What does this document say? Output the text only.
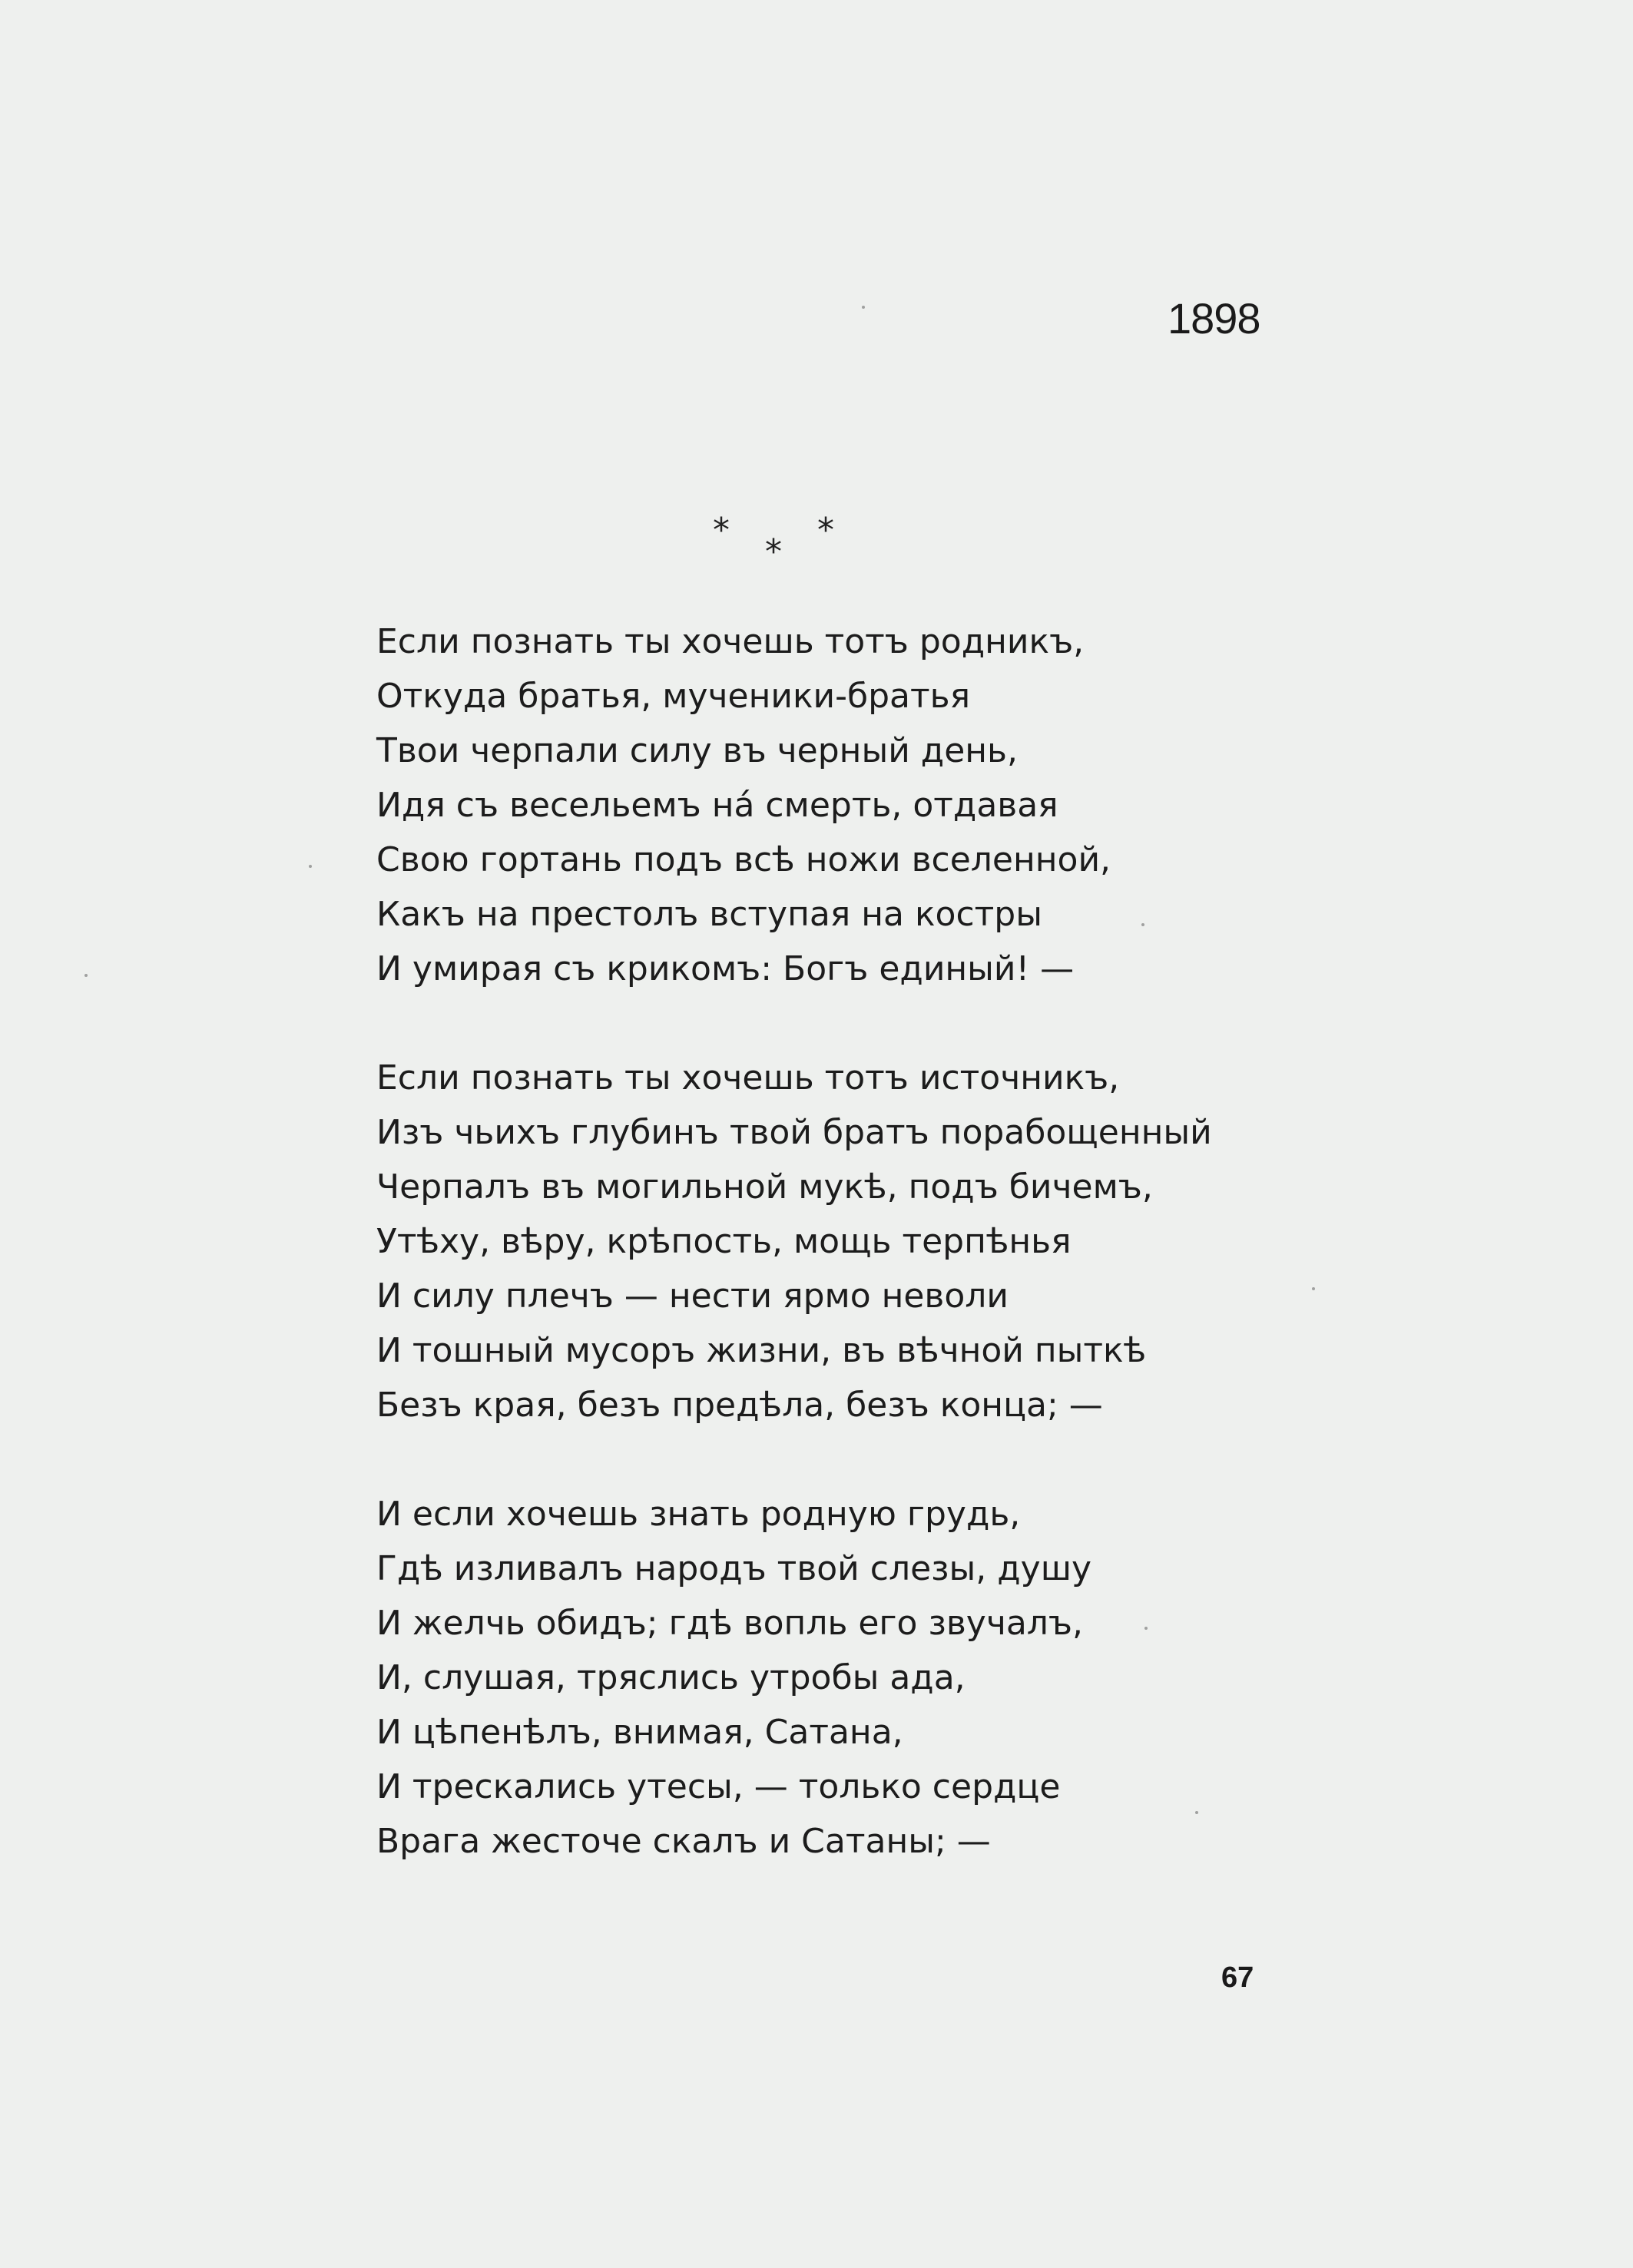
1898
*
*
*
Если познать ты хочешь тотъ родникъ,
Откуда братья, мученики-братья
Твои черпали силу въ черный день,
Идя съ весельемъ нá смерть, отдавая
Свою гортань подъ всѣ ножи вселенной,
Какъ на престолъ вступая на костры
И умирая съ крикомъ: Богъ единый! —
Если познать ты хочешь тотъ источникъ,
Изъ чьихъ глубинъ твой братъ порабощенный
Черпалъ въ могильной мукѣ, подъ бичемъ,
Утѣху, вѣру, крѣпость, мощь терпѣнья
И силу плечъ — нести ярмо неволи
И тошный мусоръ жизни, въ вѣчной пыткѣ
Безъ края, безъ предѣла, безъ конца; —
И если хочешь знать родную грудь,
Гдѣ изливалъ народъ твой слезы, душу
И желчь обидъ; гдѣ вопль его звучалъ,
И, слушая, тряслись утробы ада,
И цѣпенѣлъ, внимая, Сатана,
И трескались утесы, — только сердце
Врага жесточе скалъ и Сатаны; —
67
